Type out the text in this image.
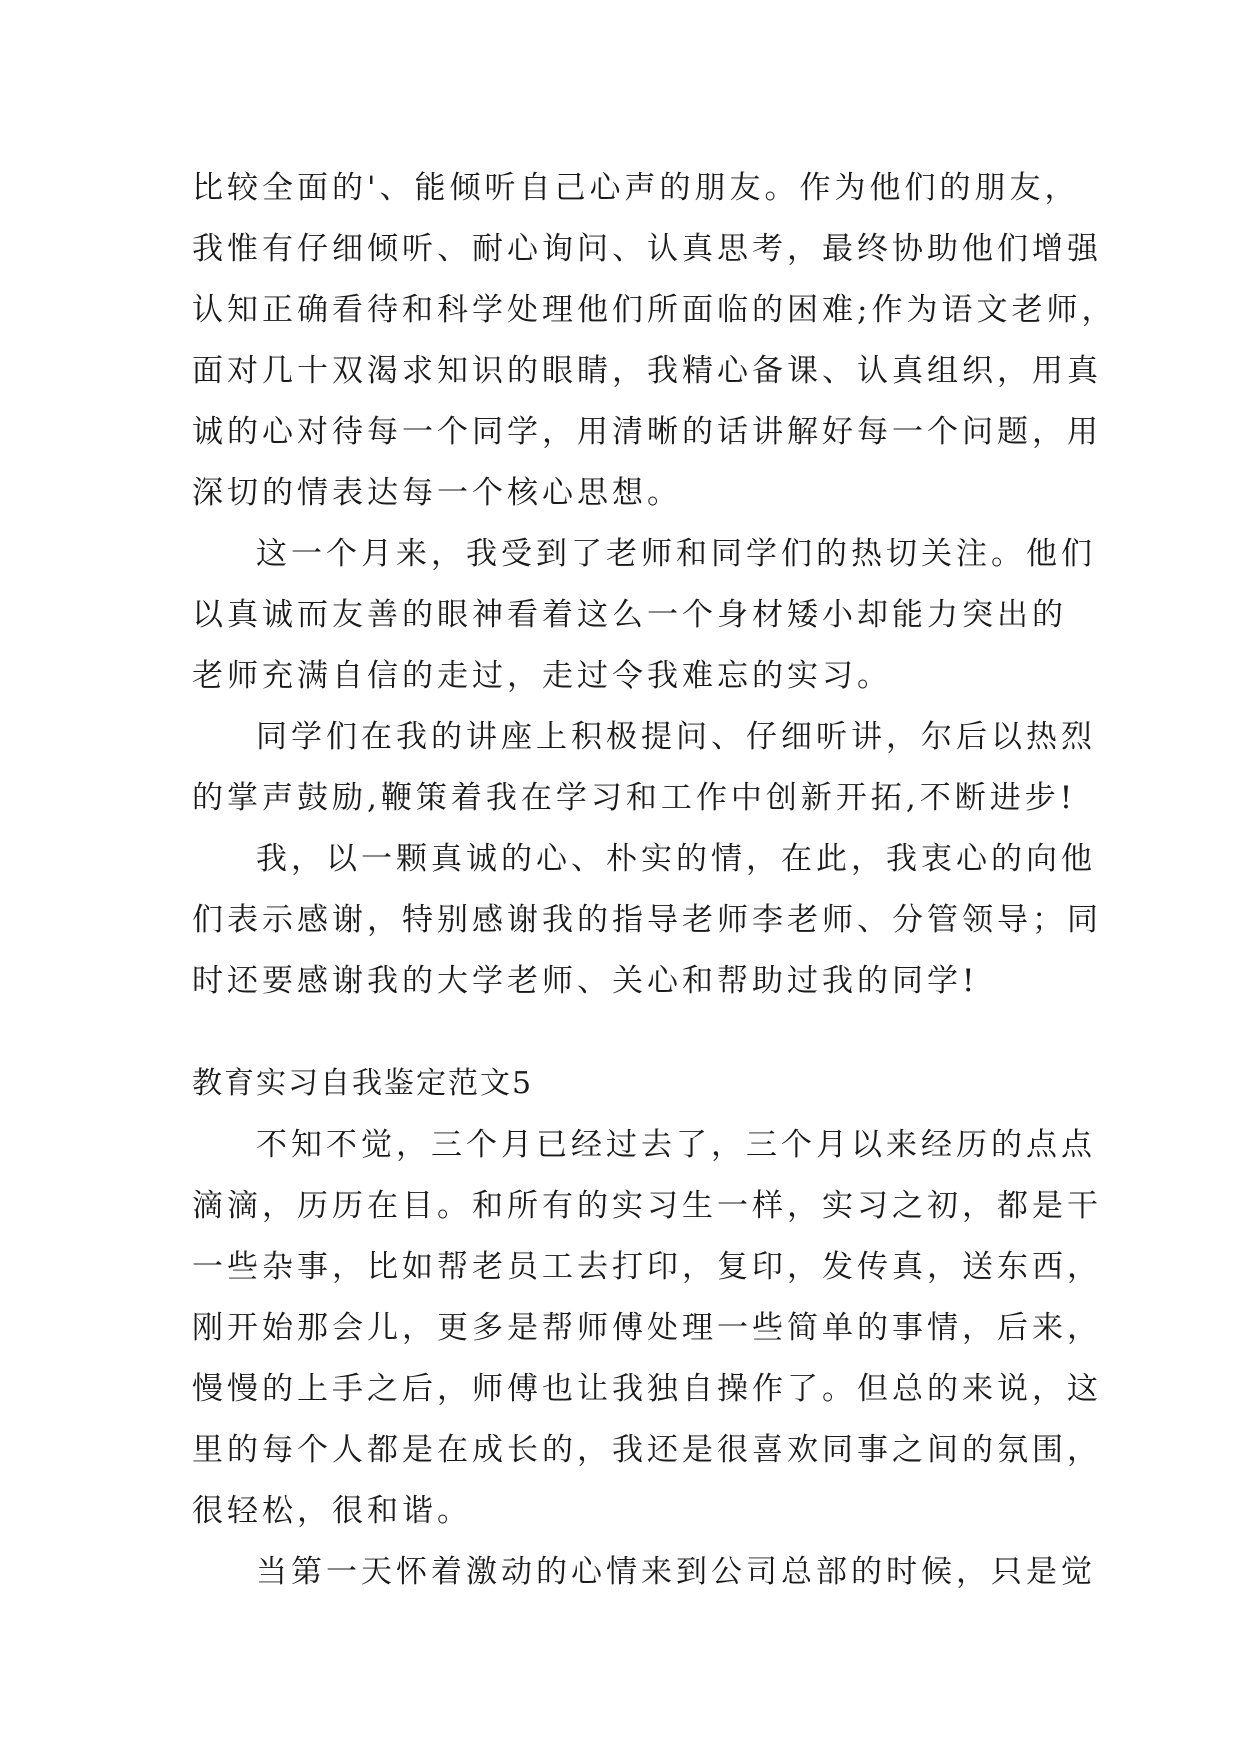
比较全面的'、能倾听自己心声的朋友。作为他们的朋友，
我惟有仔细倾听、耐心询问、认真思考，最终协助他们增强
认知正确看待和科学处理他们所面临的困难;作为语文老师，
面对几十双渴求知识的眼睛，我精心备课、认真组织，用真
诚的心对待每一个同学，用清晰的话讲解好每一个问题，用
深切的情表达每一个核心思想。
这一个月来，我受到了老师和同学们的热切关注。他们
以真诚而友善的眼神看着这么一个身材矮小却能力突出的
老师充满自信的走过，走过令我难忘的实习。
同学们在我的讲座上积极提问、仔细听讲，尔后以热烈
的掌声鼓励,鞭策着我在学习和工作中创新开拓,不断进步!
我，以一颗真诚的心、朴实的情，在此，我衷心的向他
们表示感谢，特别感谢我的指导老师李老师、分管领导；同
时还要感谢我的大学老师、关心和帮助过我的同学!
教育实习自我鉴定范文5
不知不觉，三个月已经过去了，三个月以来经历的点点
滴滴，历历在目。和所有的实习生一样，实习之初，都是干
一些杂事，比如帮老员工去打印，复印，发传真，送东西，
刚开始那会儿，更多是帮师傅处理一些简单的事情，后来，
慢慢的上手之后，师傅也让我独自操作了。但总的来说，这
里的每个人都是在成长的，我还是很喜欢同事之间的氛围，
很轻松，很和谐。
当第一天怀着激动的心情来到公司总部的时候，只是觉
